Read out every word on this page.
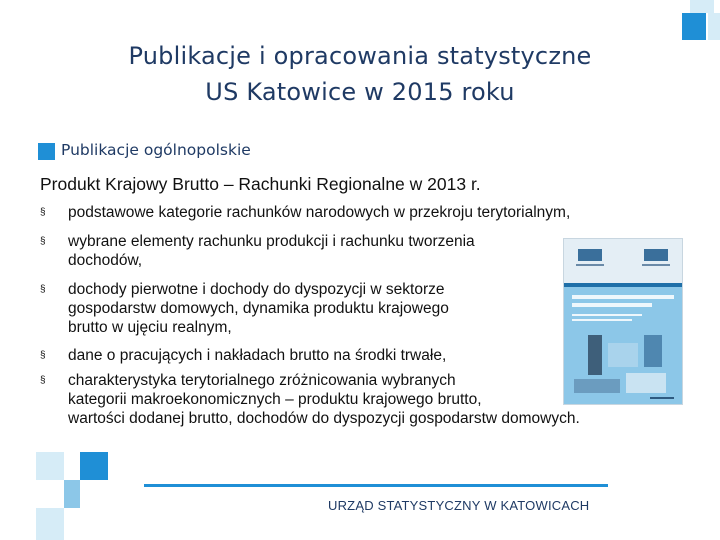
Publikacje i opracowania statystyczne
US Katowice w 2015 roku
Publikacje ogólnopolskie
Produkt Krajowy Brutto – Rachunki Regionalne w 2013 r.
§ podstawowe kategorie rachunków narodowych w przekroju terytorialnym,
§ wybrane elementy rachunku produkcji i rachunku tworzenia
dochodów,
§ dochody pierwotne i dochody do dyspozycji w sektorze
gospodarstw domowych, dynamika produktu krajowego
brutto w ujęciu realnym,
§ dane o pracujących i nakładach brutto na środki trwałe,
§ charakterystyka terytorialnego zróżnicowania wybranych
kategorii makroekonomicznych – produktu krajowego brutto,
wartości dodanej brutto, dochodów do dyspozycji gospodarstw domowych.
URZĄD STATYSTYCZNY W KATOWICACH
